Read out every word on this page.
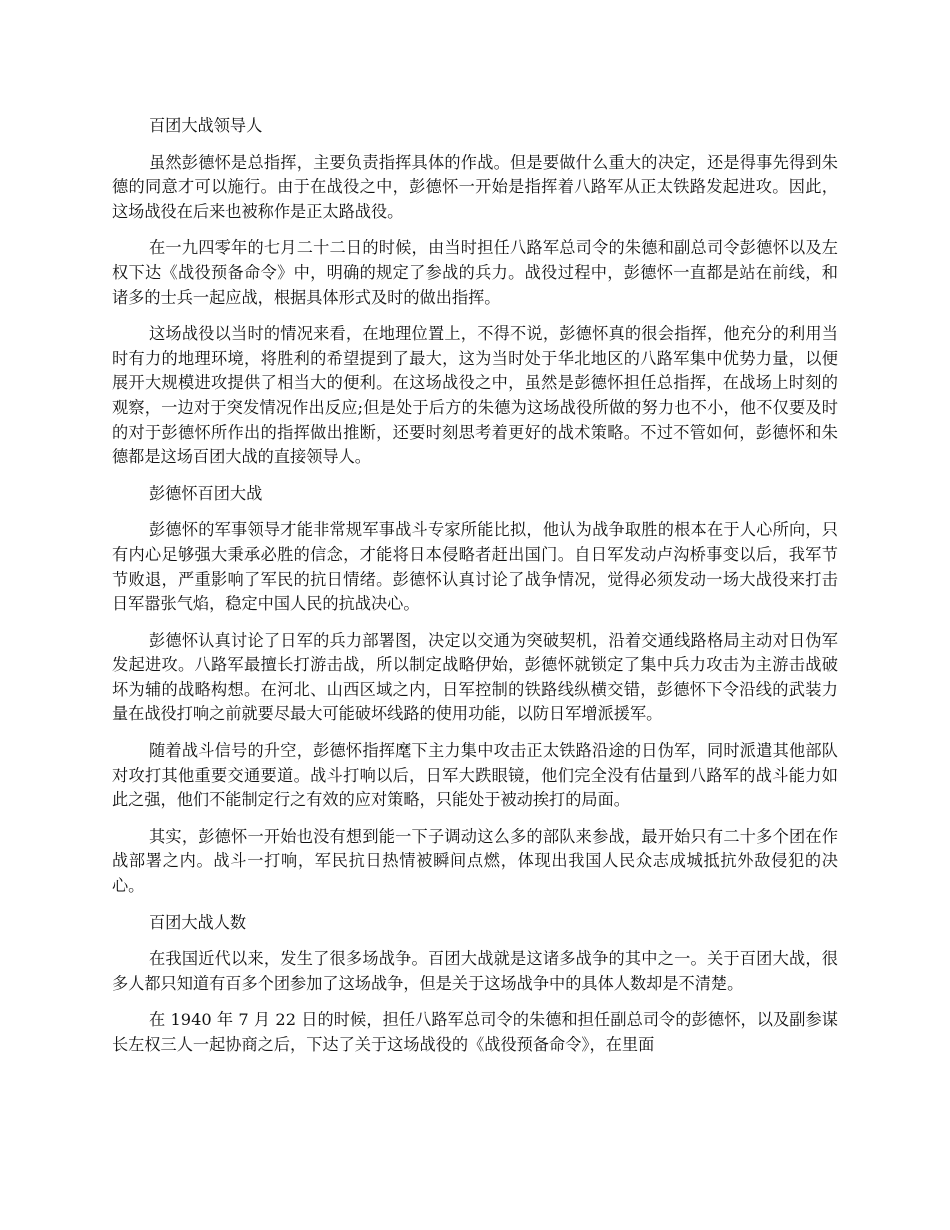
百团大战领导人

虽然彭德怀是总指挥，主要负责指挥具体的作战。但是要做什么重大的决定，还是得事先得到朱德的同意才可以施行。由于在战役之中，彭德怀一开始是指挥着八路军从正太铁路发起进攻。因此，这场战役在后来也被称作是正太路战役。

在一九四零年的七月二十二日的时候，由当时担任八路军总司令的朱德和副总司令彭德怀以及左权下达《战役预备命令》中，明确的规定了参战的兵力。战役过程中，彭德怀一直都是站在前线，和诸多的士兵一起应战，根据具体形式及时的做出指挥。

这场战役以当时的情况来看，在地理位置上，不得不说，彭德怀真的很会指挥，他充分的利用当时有力的地理环境，将胜利的希望提到了最大，这为当时处于华北地区的八路军集中优势力量，以便展开大规模进攻提供了相当大的便利。在这场战役之中，虽然是彭德怀担任总指挥，在战场上时刻的观察，一边对于突发情况作出反应;但是处于后方的朱德为这场战役所做的努力也不小，他不仅要及时的对于彭德怀所作出的指挥做出推断，还要时刻思考着更好的战术策略。不过不管如何，彭德怀和朱德都是这场百团大战的直接领导人。

彭德怀百团大战

彭德怀的军事领导才能非常规军事战斗专家所能比拟，他认为战争取胜的根本在于人心所向，只有内心足够强大秉承必胜的信念，才能将日本侵略者赶出国门。自日军发动卢沟桥事变以后，我军节节败退，严重影响了军民的抗日情绪。彭德怀认真讨论了战争情况，觉得必须发动一场大战役来打击日军嚣张气焰，稳定中国人民的抗战决心。

彭德怀认真讨论了日军的兵力部署图，决定以交通为突破契机，沿着交通线路格局主动对日伪军发起进攻。八路军最擅长打游击战，所以制定战略伊始，彭德怀就锁定了集中兵力攻击为主游击战破坏为辅的战略构想。在河北、山西区域之内，日军控制的铁路线纵横交错，彭德怀下令沿线的武装力量在战役打响之前就要尽最大可能破坏线路的使用功能，以防日军增派援军。

随着战斗信号的升空，彭德怀指挥麾下主力集中攻击正太铁路沿途的日伪军，同时派遣其他部队对攻打其他重要交通要道。战斗打响以后，日军大跌眼镜，他们完全没有估量到八路军的战斗能力如此之强，他们不能制定行之有效的应对策略，只能处于被动挨打的局面。

其实，彭德怀一开始也没有想到能一下子调动这么多的部队来参战，最开始只有二十多个团在作战部署之内。战斗一打响，军民抗日热情被瞬间点燃，体现出我国人民众志成城抵抗外敌侵犯的决心。

百团大战人数

在我国近代以来，发生了很多场战争。百团大战就是这诸多战争的其中之一。关于百团大战，很多人都只知道有百多个团参加了这场战争，但是关于这场战争中的具体人数却是不清楚。

在 1940 年 7 月 22 日的时候，担任八路军总司令的朱德和担任副总司令的彭德怀，以及副参谋长左权三人一起协商之后，下达了关于这场战役的《战役预备命令》，在里面
